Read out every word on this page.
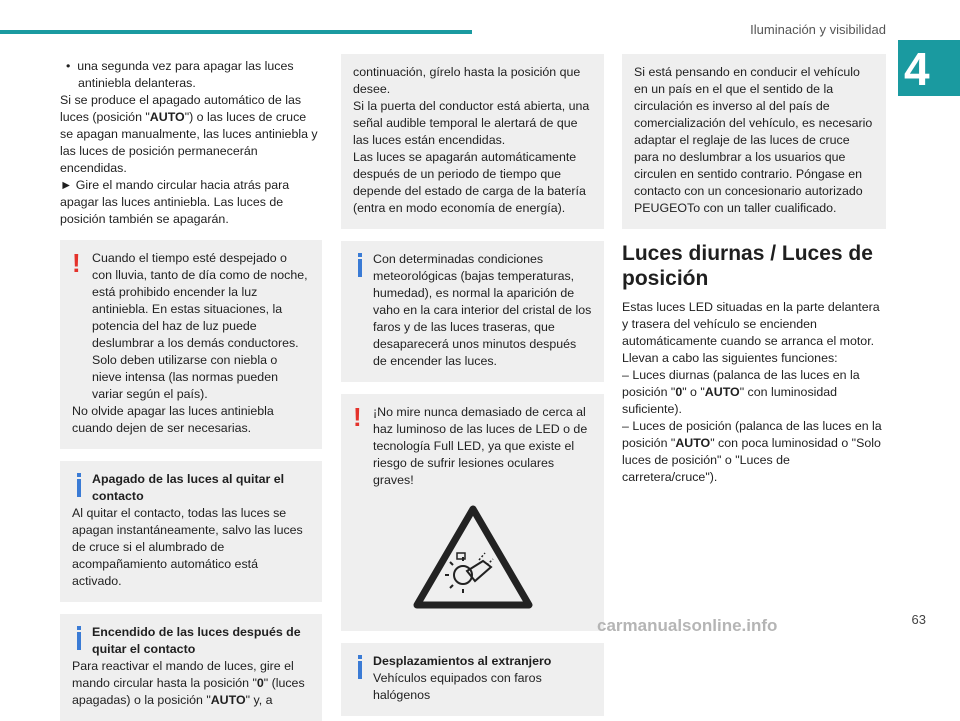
Iluminación y visibilidad
4

•  una segunda vez para apagar las luces antiniebla delanteras.

Si se produce el apagado automático de las luces (posición "AUTO") o las luces de cruce se apagan manualmente, las luces antiniebla y las luces de posición permanecerán encendidas.

► Gire el mando circular hacia atrás para apagar las luces antiniebla. Las luces de posición también se apagarán.

! Cuando el tiempo esté despejado o con lluvia, tanto de día como de noche, está prohibido encender la luz antiniebla. En estas situaciones, la potencia del haz de luz puede deslumbrar a los demás conductores. Solo deben utilizarse con niebla o nieve intensa (las normas pueden variar según el país).

No olvide apagar las luces antiniebla cuando dejen de ser necesarias.

Apagado de las luces al quitar el contacto

Al quitar el contacto, todas las luces se apagan instantáneamente, salvo las luces de cruce si el alumbrado de acompañamiento automático está activado.

Encendido de las luces después de quitar el contacto

Para reactivar el mando de luces, gire el mando circular hasta la posición "0" (luces apagadas) o la posición "AUTO" y, a

continuación, gírelo hasta la posición que desee.

Si la puerta del conductor está abierta, una señal audible temporal le alertará de que las luces están encendidas.

Las luces se apagarán automáticamente después de un periodo de tiempo que depende del estado de carga de la batería (entra en modo economía de energía).

Con determinadas condiciones meteorológicas (bajas temperaturas, humedad), es normal la aparición de vaho en la cara interior del cristal de los faros y de las luces traseras, que desaparecerá unos minutos después de encender las luces.

! ¡No mire nunca demasiado de cerca al haz luminoso de las luces de LED o de tecnología Full LED, ya que existe el riesgo de sufrir lesiones oculares graves!

Desplazamientos al extranjero

Vehículos equipados con faros halógenos

Si está pensando en conducir el vehículo en un país en el que el sentido de la circulación es inverso al del país de comercialización del vehículo, es necesario adaptar el reglaje de las luces de cruce para no deslumbrar a los usuarios que circulen en sentido contrario. Póngase en contacto con un concesionario autorizado PEUGEOTo con un taller cualificado.

Luces diurnas / Luces de posición

Estas luces LED situadas en la parte delantera y trasera del vehículo se encienden automáticamente cuando se arranca el motor.

Llevan a cabo las siguientes funciones:

– Luces diurnas (palanca de las luces en la posición "0" o "AUTO" con luminosidad suficiente).

– Luces de posición (palanca de las luces en la posición "AUTO" con poca luminosidad o "Solo luces de posición" o "Luces de carretera/cruce").

63
carmanualsonline.info
